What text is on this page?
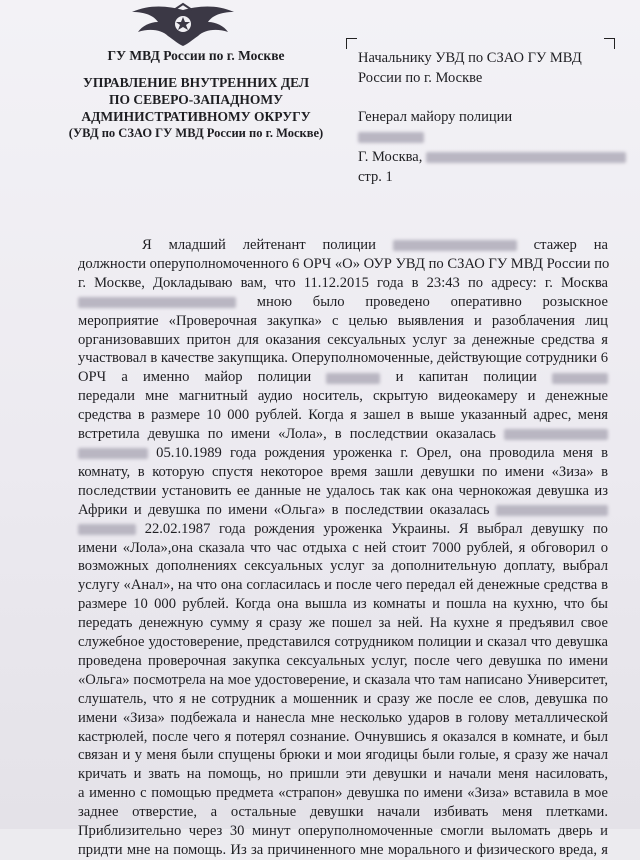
ГУ МВД России по г. Москве
УПРАВЛЕНИЕ ВНУТРЕННИХ ДЕЛ
ПО СЕВЕРО-ЗАПАДНОМУ
АДМИНИСТРАТИВНОМУ ОКРУГУ
(УВД по СЗАО ГУ МВД России по г. Москве)
Начальнику УВД по СЗАО ГУ МВД
России по г. Москве
Генерал майору полиции
Г. Москва,
стр. 1
Я младший лейтенант полиции	стажер на
должности оперуполномоченного 6 ОРЧ «О» ОУР УВД по СЗАО ГУ МВД России по
г. Москве, Докладываю вам, что 11.12.2015 года в 23:43 по адресу: г. Москва
мною было проведено оперативно розыскное
мероприятие «Проверочная закупка» с целью выявления и разоблачения лиц
организовавших притон для оказания сексуальных услуг за денежные средства я
участвовал в качестве закупщика. Оперуполномоченные, действующие сотрудники 6
ОРЧ а именно майор полиции	и капитан полиции
передали мне магнитный аудио носитель, скрытую видеокамеру и денежные
средства в размере 10 000 рублей. Когда я зашел в выше указанный адрес, меня
встретила девушка по имени «Лола», в последствии оказалась
05.10.1989 года рождения уроженка г. Орел, она проводила меня в
комнату, в которую спустя некоторое время зашли девушки по имени «Зиза» в
последствии установить ее данные не удалось так как она чернокожая девушка из
Африки и девушка по имени «Ольга» в последствии оказалась
22.02.1987 года рождения уроженка Украины. Я выбрал девушку по
имени «Лола»,она сказала что час отдыха с ней стоит 7000 рублей, я обговорил о
возможных дополнениях сексуальных услуг за дополнительную доплату, выбрал
услугу «Анал», на что она согласилась и после чего передал ей денежные средства в
размере 10 000 рублей. Когда она вышла из комнаты и пошла на кухню, что бы
передать денежную сумму я сразу же пошел за ней. На кухне я предъявил свое
служебное удостоверение, представился сотрудником полиции и сказал что девушка
проведена проверочная закупка сексуальных услуг, после чего девушка по имени
«Ольга» посмотрела на мое удостоверение, и сказала что там написано Университет,
слушатель, что я не сотрудник а мошенник и сразу же после ее слов, девушка по
имени «Зиза» подбежала и нанесла мне несколько ударов в голову металлической
кастрюлей, после чего я потерял сознание. Очнувшись я оказался в комнате, и был
связан и у меня были спущены брюки и мои ягодицы были голые, я сразу же начал
кричать и звать на помощь, но пришли эти девушки и начали меня насиловать,
а именно с помощью предмета «страпон» девушка по имени «Зиза» вставила в мое
заднее отверстие, а остальные девушки начали избивать меня плетками.
Приблизительно через 30 минут оперуполномоченные смогли выломать дверь и
придти мне на помощь. Из за причиненного мне морального и физического вреда, я
